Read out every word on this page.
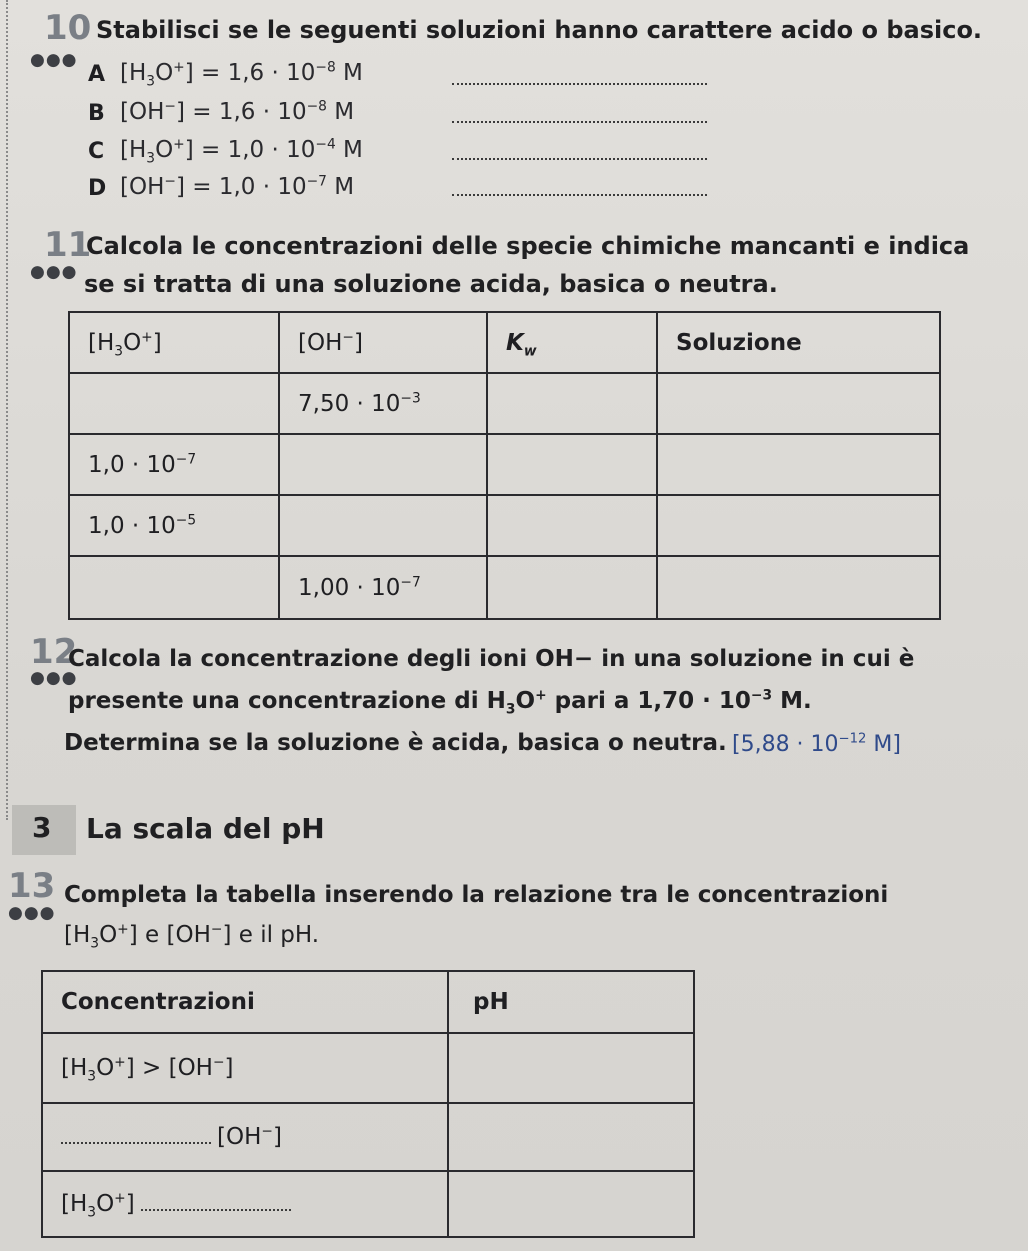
10
●●●
Stabilisci se le seguenti soluzioni hanno carattere acido o basico.
A $[H_3O^+] = 1,6 \cdot 10^{-8}$ M
B $[OH^-] = 1,6 \cdot 10^{-8}$ M
C $[H_3O^+] = 1,0 \cdot 10^{-4}$ M
D $[OH^-] = 1,0 \cdot 10^{-7}$ M
11
●●●
Calcola le concentrazioni delle specie chimiche mancanti e indica
se si tratta di una soluzione acida, basica o neutra.
$[H_3O^+]$	[OH−]	$K_w$	Soluzione
	$7,50 \cdot 10^{-3}$		
$1,0 \cdot 10^{-7}$			
$1,0 \cdot 10^{-5}$			
	$1,00 \cdot 10^{-7}$		
12
●●●
Calcola la concentrazione degli ioni OH− in una soluzione in cui è
presente una concentrazione di $H_3O^+$ pari a $1,70 \cdot 10^{-3}$ M.
Determina se la soluzione è acida, basica o neutra. [$5,88 \cdot 10^{-12}$ M]
3 La scala del pH
13
●●●
Completa la tabella inserendo la relazione tra le concentrazioni
$[H_3O^+]$ e [OH−] e il pH.
Concentrazioni	pH
$[H_3O^+] > [OH^-]$	
[OH−]	
$[H_3O^+]$	
